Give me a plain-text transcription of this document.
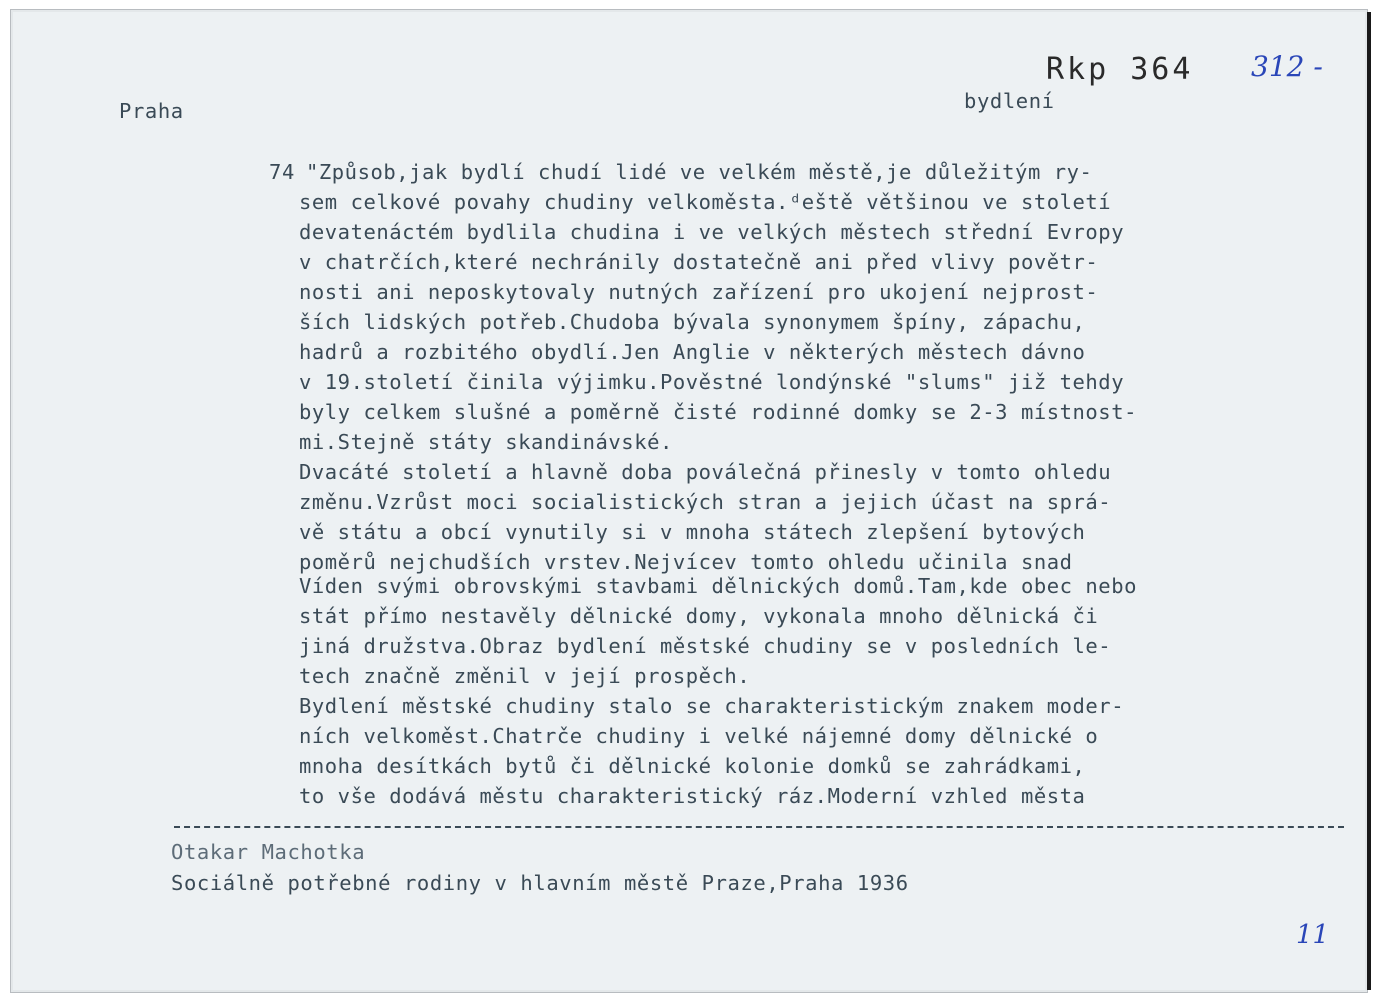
Praha	bydlení
Rkp 364 312 -
74 "Způsob,jak bydlí chudí lidé ve velkém městě,je důležitým ry-
sem celkové povahy chudiny velkoměsta.ᵈeště většinou ve století
devatenáctém bydlila chudina i ve velkých městech střední Evropy
v chatrčích,které nechránily dostatečně ani před vlivy povětr-
nosti ani neposkytovaly nutných zařízení pro ukojení nejprost-
ších lidských potřeb.Chudoba bývala synonymem špíny, zápachu,
hadrů a rozbitého obydlí.Jen Anglie v některých městech dávno
v 19.století činila výjimku.Pověstné londýnské "slums" již tehdy
byly celkem slušné a poměrně čisté rodinné domky se 2-3 místnost-
mi.Stejně státy skandinávské.
Dvacáté století a hlavně doba poválečná přinesly v tomto ohledu
změnu.Vzrůst moci socialistických stran a jejich účast na sprá-
vě státu a obcí vynutily si v mnoha státech zlepšení bytových
poměrů nejchudších vrstev.Nejvícev tomto ohledu učinila snad
Víden svými obrovskými stavbami dělnických domů.Tam,kde obec nebo
stát přímo nestavěly dělnické domy, vykonala mnoho dělnická či
jiná družstva.Obraz bydlení městské chudiny se v posledních le-
tech značně změnil v její prospěch.
Bydlení městské chudiny stalo se charakteristickým znakem moder-
ních velkoměst.Chatrče chudiny i velké nájemné domy dělnické o
mnoha desítkách bytů či dělnické kolonie domků se zahrádkami,
to vše dodává městu charakteristický ráz.Moderní vzhled města
Otakar Machotka
Sociálně potřebné rodiny v hlavním městě Praze,Praha 1936
11
